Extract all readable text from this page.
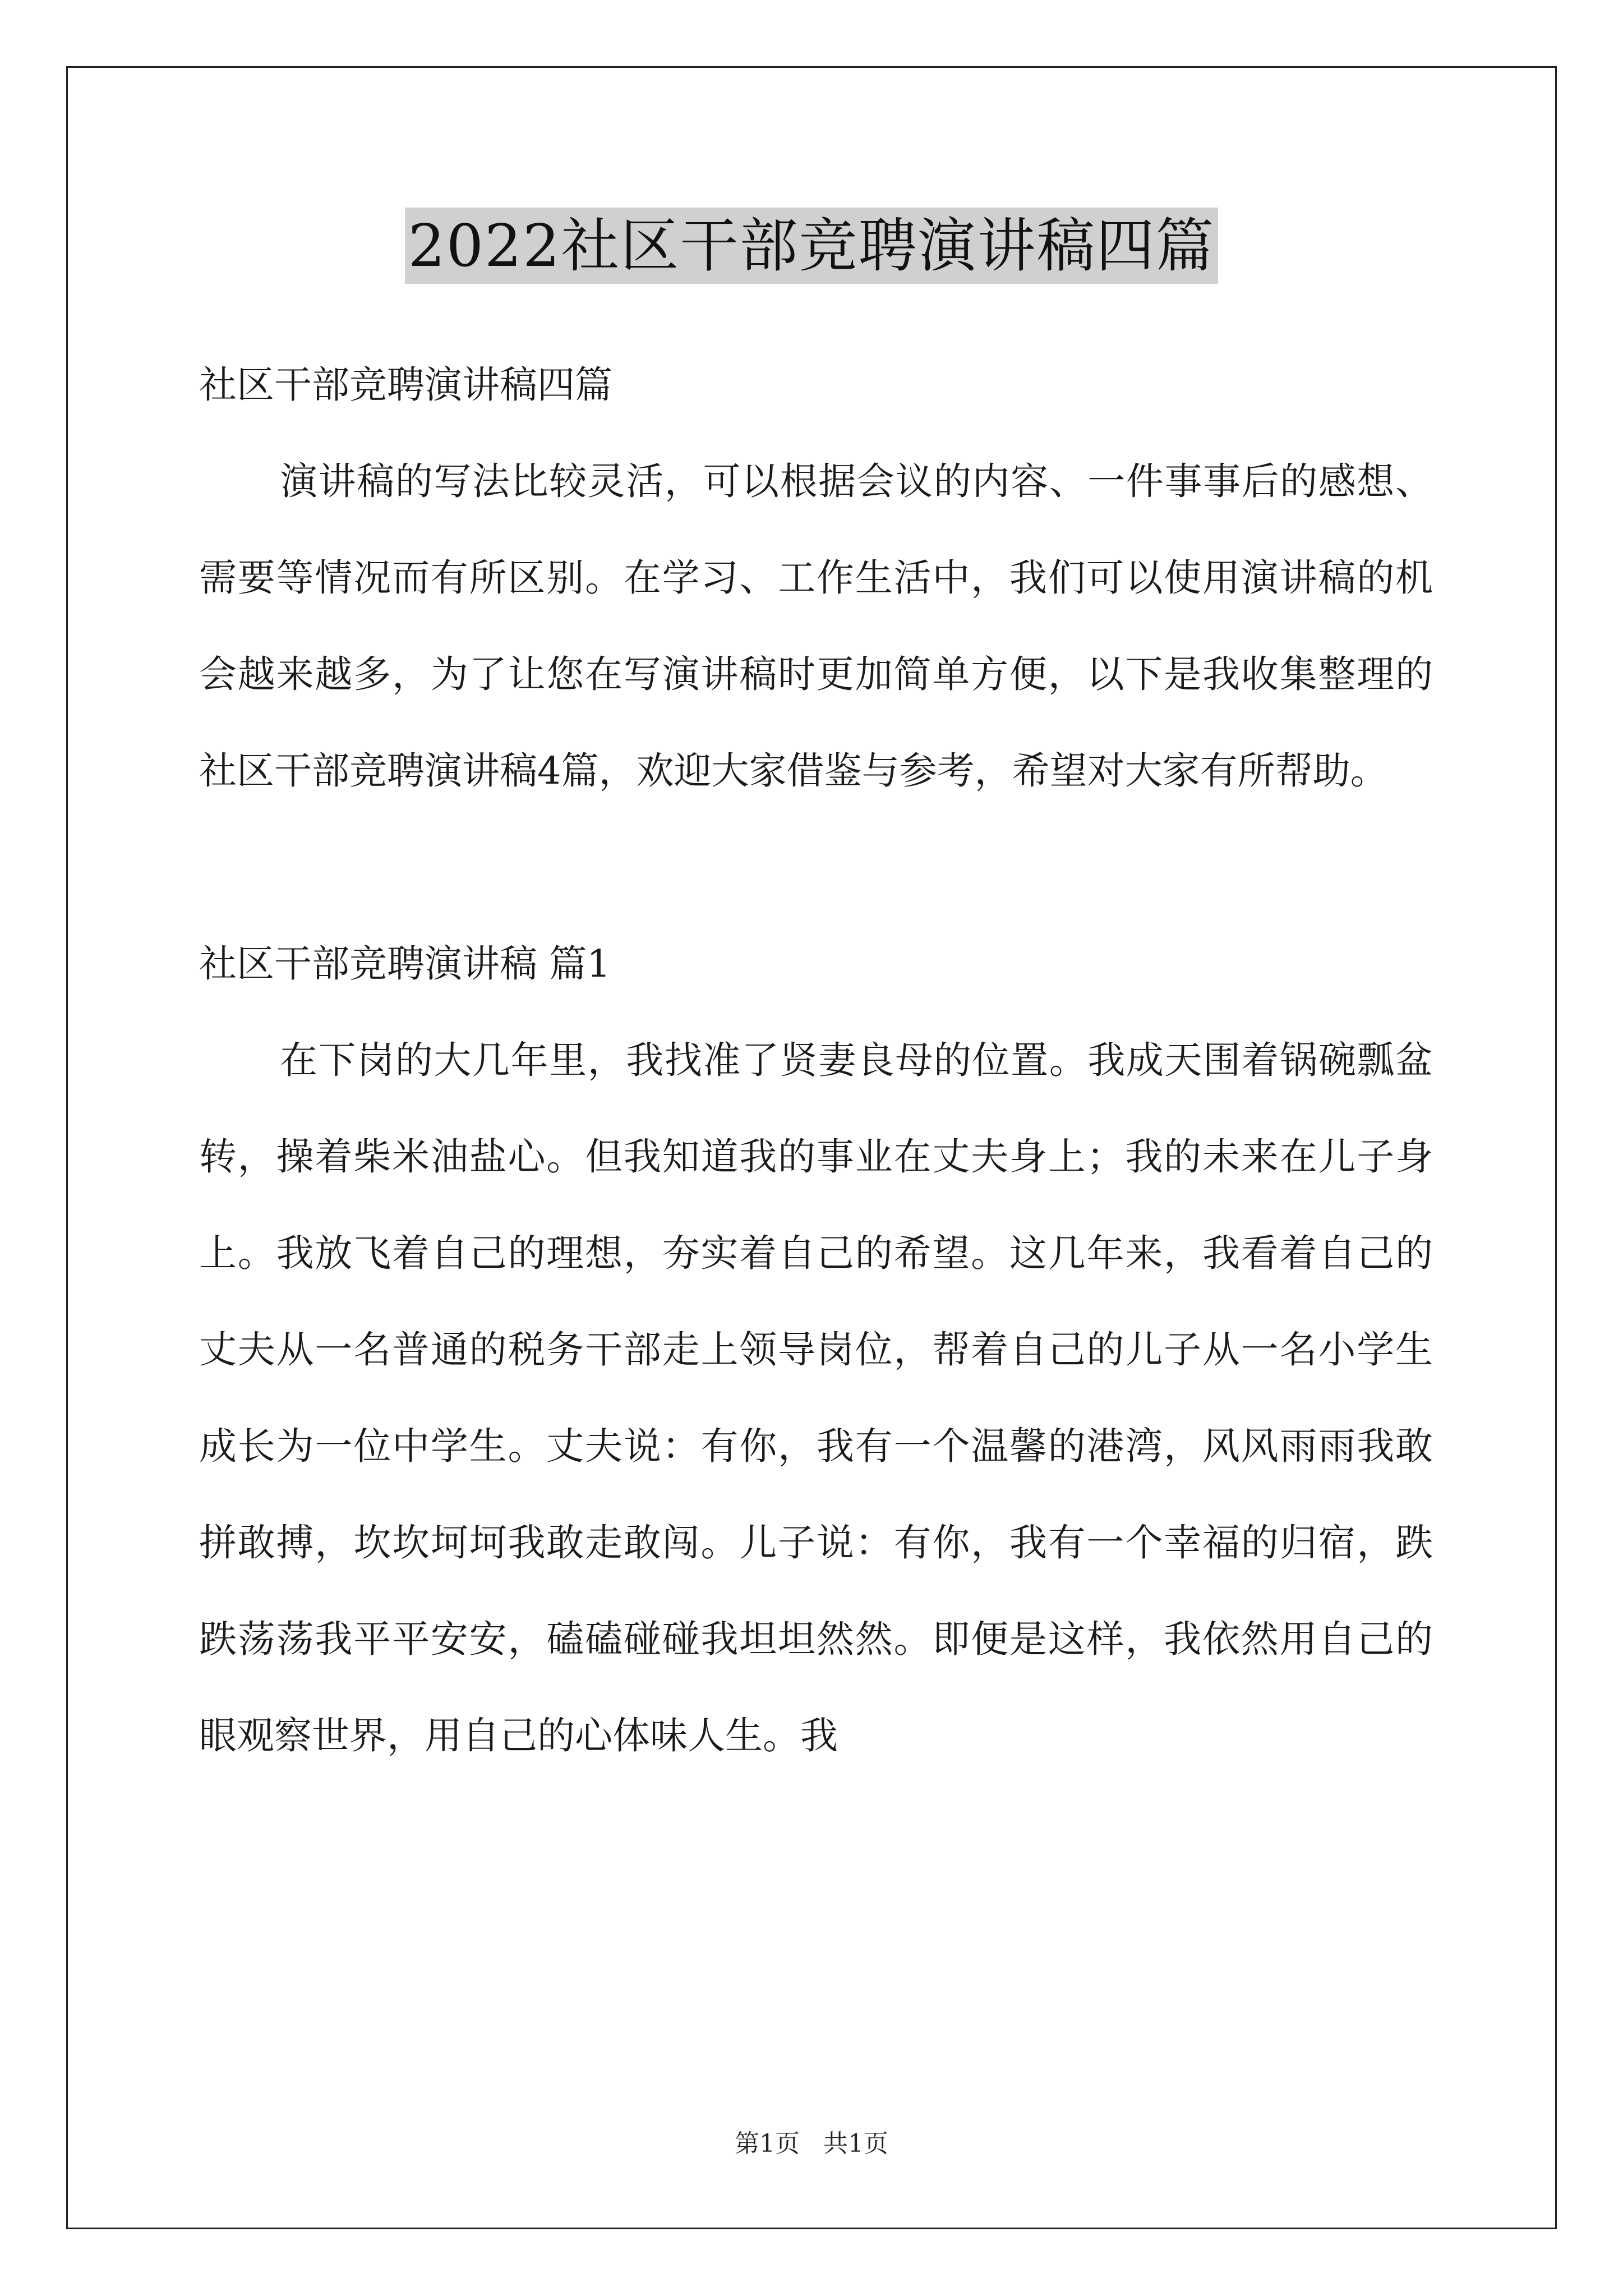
2022社区干部竞聘演讲稿四篇

社区干部竞聘演讲稿四篇

演讲稿的写法比较灵活，可以根据会议的内容、一件事事后的感想、需要等情况而有所区别。在学习、工作生活中，我们可以使用演讲稿的机会越来越多，为了让您在写演讲稿时更加简单方便，以下是我收集整理的社区干部竞聘演讲稿4篇，欢迎大家借鉴与参考，希望对大家有所帮助。

社区干部竞聘演讲稿 篇1

在下岗的大几年里，我找准了贤妻良母的位置。我成天围着锅碗瓢盆转，操着柴米油盐心。但我知道我的事业在丈夫身上；我的未来在儿子身上。我放飞着自己的理想，夯实着自己的希望。这几年来，我看着自己的丈夫从一名普通的税务干部走上领导岗位，帮着自己的儿子从一名小学生成长为一位中学生。丈夫说：有你，我有一个温馨的港湾，风风雨雨我敢拼敢搏，坎坎坷坷我敢走敢闯。儿子说：有你，我有一个幸福的归宿，跌跌荡荡我平平安安，磕磕碰碰我坦坦然然。即便是这样，我依然用自己的眼观察世界，用自己的心体味人生。我

第1页 共1页
